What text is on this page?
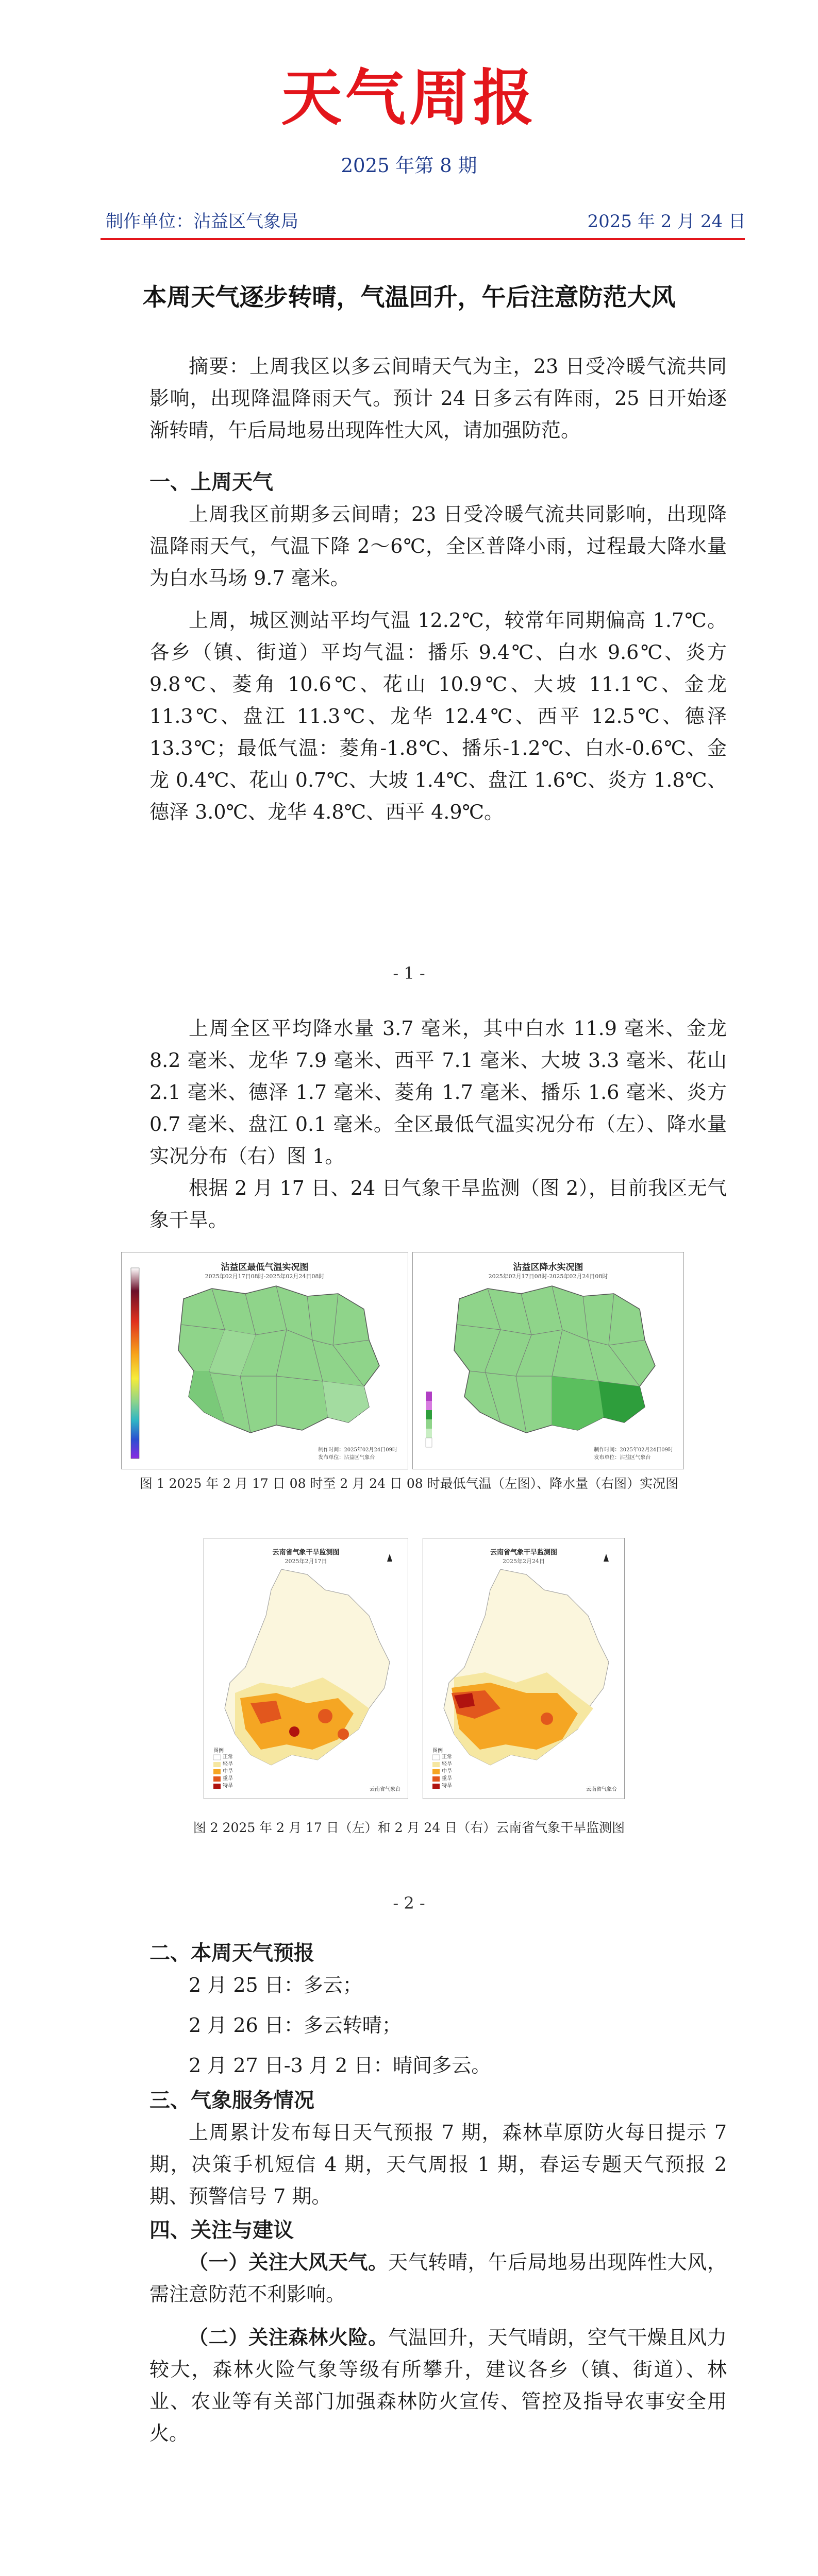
天气周报
2025 年第 8 期
制作单位：沾益区气象局	2025 年 2 月 24 日
本周天气逐步转晴，气温回升，午后注意防范大风

摘要：上周我区以多云间晴天气为主，23 日受冷暖气流共同影响，出现降温降雨天气。预计 24 日多云有阵雨，25 日开始逐渐转晴，午后局地易出现阵性大风，请加强防范。

一、上周天气

上周我区前期多云间晴；23 日受冷暖气流共同影响，出现降温降雨天气，气温下降 2～6℃，全区普降小雨，过程最大降水量为白水马场 9.7 毫米。

上周，城区测站平均气温 12.2℃，较常年同期偏高 1.7℃。各乡（镇、街道）平均气温：播乐 9.4℃、白水 9.6℃、炎方 9.8℃、菱角 10.6℃、花山 10.9℃、大坡 11.1℃、金龙 11.3℃、盘江 11.3℃、龙华 12.4℃、西平 12.5℃、德泽 13.3℃；最低气温：菱角-1.8℃、播乐-1.2℃、白水-0.6℃、金龙 0.4℃、花山 0.7℃、大坡 1.4℃、盘江 1.6℃、炎方 1.8℃、德泽 3.0℃、龙华 4.8℃、西平 4.9℃。

- 1 -

上周全区平均降水量 3.7 毫米，其中白水 11.9 毫米、金龙 8.2 毫米、龙华 7.9 毫米、西平 7.1 毫米、大坡 3.3 毫米、花山 2.1 毫米、德泽 1.7 毫米、菱角 1.7 毫米、播乐 1.6 毫米、炎方 0.7 毫米、盘江 0.1 毫米。全区最低气温实况分布（左）、降水量实况分布（右）图 1。

根据 2 月 17 日、24 日气象干旱监测（图 2），目前我区无气象干旱。

沾益区最低气温实况图
2025年02月17日08时-2025年02月24日08时
制作时间：2025年02月24日09时
发布单位：沾益区气象台
沾益区降水实况图
2025年02月17日08时-2025年02月24日08时
制作时间：2025年02月24日09时
发布单位：沾益区气象台
图 1 2025 年 2 月 17 日 08 时至 2 月 24 日 08 时最低气温（左图）、降水量（右图）实况图
云南省气象干旱监测图
2025年2月17日
图例
正常
轻旱
中旱
重旱
特旱
云南省气象台
云南省气象干旱监测图
2025年2月24日
图例
正常
轻旱
中旱
重旱
特旱
云南省气象台
图 2 2025 年 2 月 17 日（左）和 2 月 24 日（右）云南省气象干旱监测图
- 2 -

二、本周天气预报

2 月 25 日：多云；

2 月 26 日：多云转晴；

2 月 27 日-3 月 2 日：晴间多云。

三、气象服务情况

上周累计发布每日天气预报 7 期，森林草原防火每日提示 7 期，决策手机短信 4 期，天气周报 1 期，春运专题天气预报 2 期、预警信号 7 期。

四、关注与建议

（一）关注大风天气。天气转晴，午后局地易出现阵性大风，需注意防范不利影响。

（二）关注森林火险。气温回升，天气晴朗，空气干燥且风力较大，森林火险气象等级有所攀升，建议各乡（镇、街道）、林业、农业等有关部门加强森林防火宣传、管控及指导农事安全用火。
